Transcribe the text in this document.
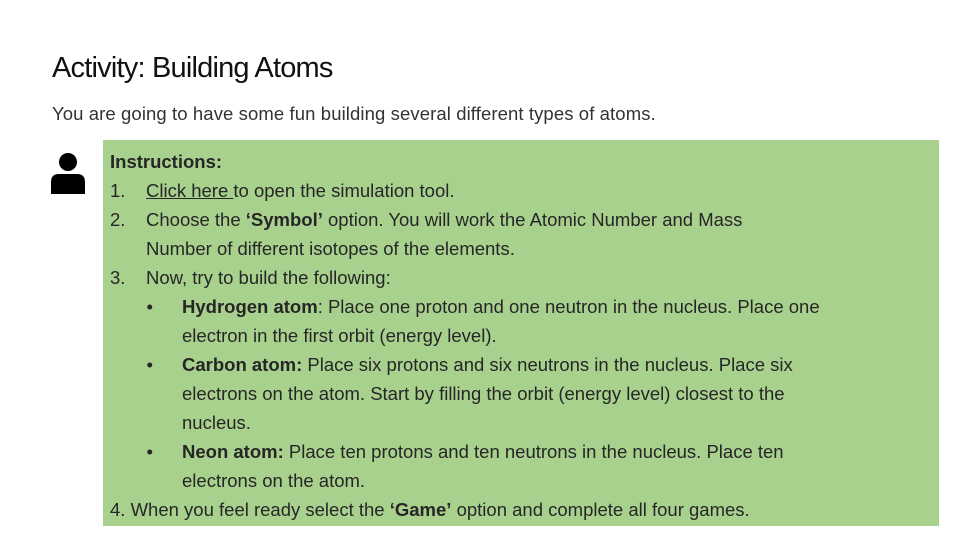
Activity: Building Atoms
You are going to have some fun building several different types of atoms.
Instructions:
1. Click here to open the simulation tool.
2. Choose the ‘Symbol’ option. You will work the Atomic Number and Mass
Number of different isotopes of the elements.
3. Now, try to build the following:
•	Hydrogen atom: Place one proton and one neutron in the nucleus. Place one
electron in the first orbit (energy level).
•	Carbon atom: Place six protons and six neutrons in the nucleus. Place six
electrons on the atom. Start by filling the orbit (energy level) closest to the
nucleus.
•	Neon atom: Place ten protons and ten neutrons in the nucleus. Place ten
electrons on the atom.
4. When you feel ready select the ‘Game’ option and complete all four games.
